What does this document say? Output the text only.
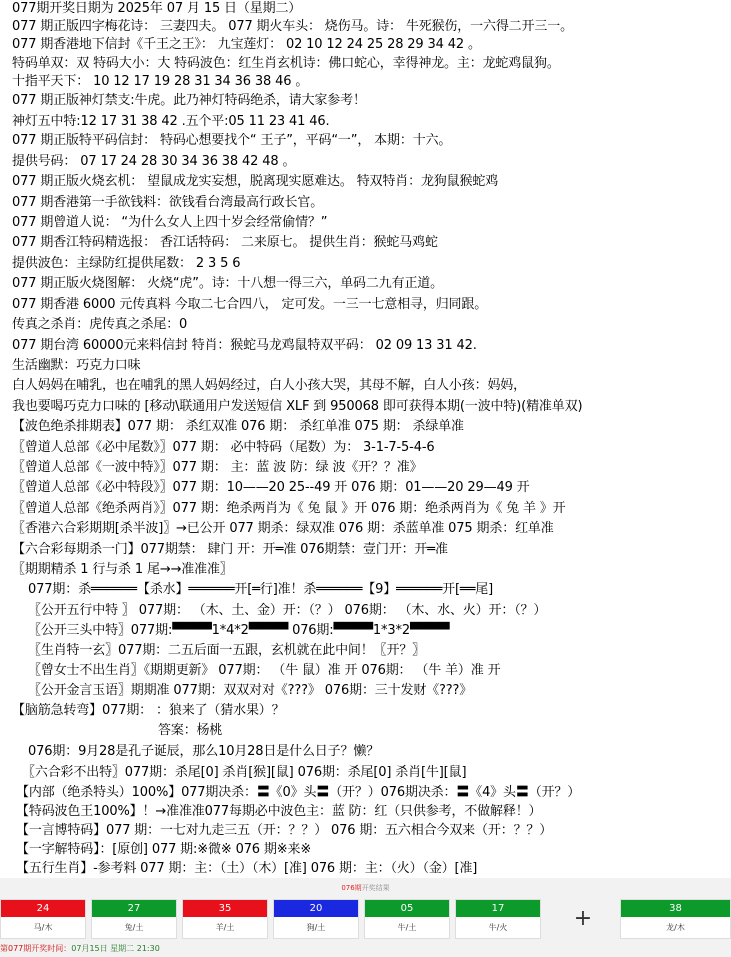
077期开奖日期为 2025年 07 月 15 日（星期二）
077 期正版四字梅花诗： 三妻四夫。 077 期火车头： 烧伤马。诗： 牛死猴伤，一六得二开三一。
077 期香港地下信封《千王之王》： 九宝莲灯： 02 10 12 24 25 28 29 34 42 。
特码单双：双 特码大小：大 特码波色：红生肖玄机诗：佛口蛇心，幸得神龙。主：龙蛇鸡鼠狗。
十指平天下： 10 12 17 19 28 31 34 36 38 46 。
077 期正版神灯禁支:牛虎。此乃神灯特码绝杀，请大家参考！
神灯五中特:12 17 31 38 42 .五个平:05 11 23 41 46.
077 期正版特平码信封： 特码心想要找个“ 王子”，平码“一”， 本期：十六。
提供号码： 07 17 24 28 30 34 36 38 42 48 。
077 期正版火烧玄机： 望鼠成龙实妄想，脱离现实愿难达。 特双特肖：龙狗鼠猴蛇鸡
077 期香港第一手欲钱料：欲钱看台湾最高行政长官。
077 期曾道人说： “为什么女人上四十岁会经常偷情？”
077 期香江特码精选报： 香江话特码： 二来原七。 提供生肖：猴蛇马鸡蛇
提供波色：主绿防红提供尾数： 2 3 5 6
077 期正版火烧图解： 火烧“虎”。诗：十八想一得三六，单码二九有正道。
077 期香港 6000 元传真料 今取二七合四八， 定可发。一三一七意相寻，归同跟。
传真之杀肖：虎传真之杀尾：0
077 期台湾 60000元来料信封 特肖：猴蛇马龙鸡鼠特双平码： 02 09 13 31 42.
生活幽默：巧克力口味
白人妈妈在哺乳，也在哺乳的黑人妈妈经过，白人小孩大哭，其母不解，白人小孩：妈妈，
我也要喝巧克力口味的 [移动\联通用户发送短信 XLF 到 950068 即可获得本期(一波中特)(精准单双)
【波色绝杀排期表】077 期： 杀红双准 076 期： 杀红单准 075 期： 杀绿单准
〖曾道人总部《必中尾数》〗077 期： 必中特码（尾数）为： 3-1-7-5-4-6
〖曾道人总部《一波中特》〗077 期： 主：蓝 波 防：绿 波《开？？准》
〖曾道人总部《必中特段》〗077 期：10——20 25--49 开 076 期：01——20 29—49 开
〖曾道人总部《绝杀两肖》〗077 期：绝杀两肖为《 兔 鼠 》开 076 期：绝杀两肖为《 兔 羊 》开
〖香港六合彩期期[杀半波]〗→已公开 077 期杀：绿双准 076 期：杀蓝单准 075 期杀：红单准
【六合彩每期杀一门】077期禁： 肆门 开：开═准 076期禁：壹门开：开═准
〖期期精杀 1 行与杀 1 尾→→准准准〗
077期：杀══════【杀水】══════开[═行]准！杀══════【9】══════开[══尾]
〖公开五行中特 〗 077期： （木、土、金）开：（？） 076期： （木、水、火）开：（？）
〖公开三头中特〗077期:▀▀▀▀1*4*2▀▀▀▀ 076期:▀▀▀▀1*3*2▀▀▀▀
〖生肖特一玄〗077期：二五后面一五跟，玄机就在此中间！〖开？〗
〖曾女士不出生肖〗《期期更新》 077期： （牛 鼠）准 开 076期： （牛 羊）准 开
〖公开金言玉语〗期期准 077期：双双对对《???》 076期：三十发财《???》
【脑筋急转弯】077期： ：狼来了（猜水果）？
答案：杨桃
076期：9月28是孔子诞辰，那么10月28日是什么日子？懒？
〖六合彩不出特〗077期：杀尾[0] 杀肖[猴][鼠] 076期：杀尾[0] 杀肖[牛][鼠]
【内部（绝杀特头）100%】077期决杀：〓《0》头〓（开？）076期决杀：〓《4》头〓（开？）
【特码波色王100%】！→准准准077每期必中波色主：蓝 防：红（只供参考，不做解释！）
【一言博特码】077 期：一七对九走三五（开：？？） 076 期：五六相合今双来（开：？？）
【一字解特码】：[原创] 077 期:※微※ 076 期※来※
【五行生肖】-参考料 077 期：主：（土）（木）[准] 076 期：主：（火）（金）[准]
076期开奖结果
24
马/木
27
兔/土
35
羊/土
20
狗/土
05
牛/土
17
牛/火	+	38
龙/木
第077期开奖时间：07月15日 星期二 21:30
